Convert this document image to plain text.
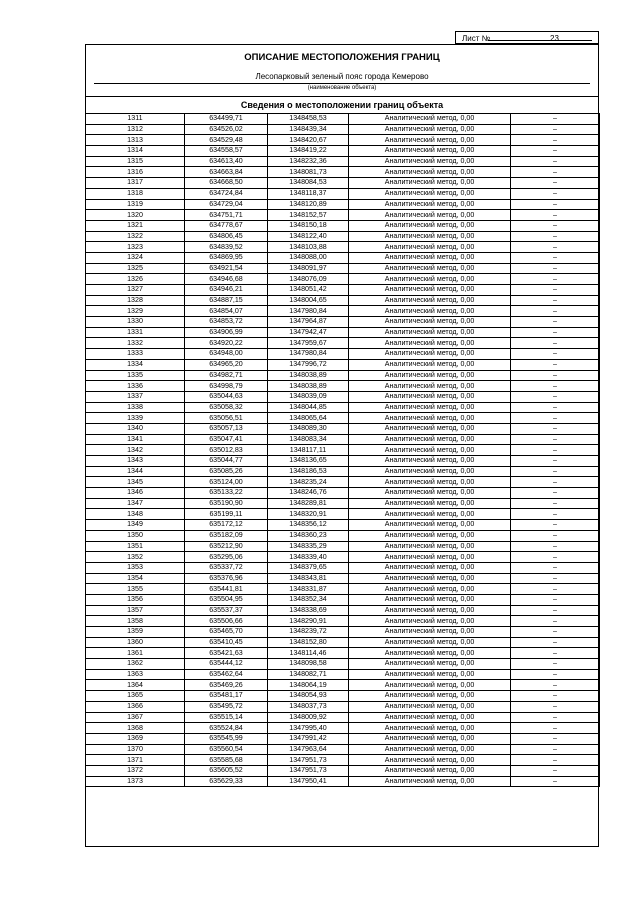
Лист №	23
ОПИСАНИЕ МЕСТОПОЛОЖЕНИЯ ГРАНИЦ
Лесопарковый зеленый пояс города Кемерово
(наименование объекта)
Сведения о местоположении границ объекта
1311	634499,71	1348458,53	Аналитический метод, 0,00	–
1312	634526,02	1348439,34	Аналитический метод, 0,00	–
1313	634529,48	1348420,67	Аналитический метод, 0,00	–
1314	634558,57	1348419,22	Аналитический метод, 0,00	–
1315	634613,40	1348232,36	Аналитический метод, 0,00	–
1316	634663,84	1348081,73	Аналитический метод, 0,00	–
1317	634668,50	1348084,53	Аналитический метод, 0,00	–
1318	634724,84	1348118,37	Аналитический метод, 0,00	–
1319	634729,04	1348120,89	Аналитический метод, 0,00	–
1320	634751,71	1348152,57	Аналитический метод, 0,00	–
1321	634778,67	1348150,18	Аналитический метод, 0,00	–
1322	634806,45	1348122,40	Аналитический метод, 0,00	–
1323	634839,52	1348103,88	Аналитический метод, 0,00	–
1324	634869,95	1348088,00	Аналитический метод, 0,00	–
1325	634921,54	1348091,97	Аналитический метод, 0,00	–
1326	634946,68	1348076,09	Аналитический метод, 0,00	–
1327	634946,21	1348051,42	Аналитический метод, 0,00	–
1328	634887,15	1348004,65	Аналитический метод, 0,00	–
1329	634854,07	1347980,84	Аналитический метод, 0,00	–
1330	634853,72	1347964,87	Аналитический метод, 0,00	–
1331	634906,99	1347942,47	Аналитический метод, 0,00	–
1332	634920,22	1347959,67	Аналитический метод, 0,00	–
1333	634948,00	1347980,84	Аналитический метод, 0,00	–
1334	634965,20	1347996,72	Аналитический метод, 0,00	–
1335	634982,71	1348038,89	Аналитический метод, 0,00	–
1336	634998,79	1348038,89	Аналитический метод, 0,00	–
1337	635044,63	1348039,09	Аналитический метод, 0,00	–
1338	635058,32	1348044,85	Аналитический метод, 0,00	–
1339	635056,51	1348065,64	Аналитический метод, 0,00	–
1340	635057,13	1348089,30	Аналитический метод, 0,00	–
1341	635047,41	1348083,34	Аналитический метод, 0,00	–
1342	635012,83	1348117,11	Аналитический метод, 0,00	–
1343	635044,77	1348136,65	Аналитический метод, 0,00	–
1344	635085,26	1348186,53	Аналитический метод, 0,00	–
1345	635124,00	1348235,24	Аналитический метод, 0,00	–
1346	635133,22	1348246,76	Аналитический метод, 0,00	–
1347	635190,90	1348289,81	Аналитический метод, 0,00	–
1348	635199,11	1348320,91	Аналитический метод, 0,00	–
1349	635172,12	1348356,12	Аналитический метод, 0,00	–
1350	635182,09	1348360,23	Аналитический метод, 0,00	–
1351	635212,90	1348335,29	Аналитический метод, 0,00	–
1352	635295,06	1348339,40	Аналитический метод, 0,00	–
1353	635337,72	1348379,65	Аналитический метод, 0,00	–
1354	635376,96	1348343,81	Аналитический метод, 0,00	–
1355	635441,81	1348331,87	Аналитический метод, 0,00	–
1356	635504,95	1348352,34	Аналитический метод, 0,00	–
1357	635537,37	1348338,69	Аналитический метод, 0,00	–
1358	635506,66	1348290,91	Аналитический метод, 0,00	–
1359	635465,70	1348239,72	Аналитический метод, 0,00	–
1360	635410,45	1348152,80	Аналитический метод, 0,00	–
1361	635421,63	1348114,46	Аналитический метод, 0,00	–
1362	635444,12	1348098,58	Аналитический метод, 0,00	–
1363	635462,64	1348082,71	Аналитический метод, 0,00	–
1364	635469,26	1348064,19	Аналитический метод, 0,00	–
1365	635481,17	1348054,93	Аналитический метод, 0,00	–
1366	635495,72	1348037,73	Аналитический метод, 0,00	–
1367	635515,14	1348009,92	Аналитический метод, 0,00	–
1368	635524,84	1347995,40	Аналитический метод, 0,00	–
1369	635545,99	1347991,42	Аналитический метод, 0,00	–
1370	635560,54	1347963,64	Аналитический метод, 0,00	–
1371	635585,68	1347951,73	Аналитический метод, 0,00	–
1372	635605,52	1347951,73	Аналитический метод, 0,00	–
1373	635629,33	1347950,41	Аналитический метод, 0,00	–
